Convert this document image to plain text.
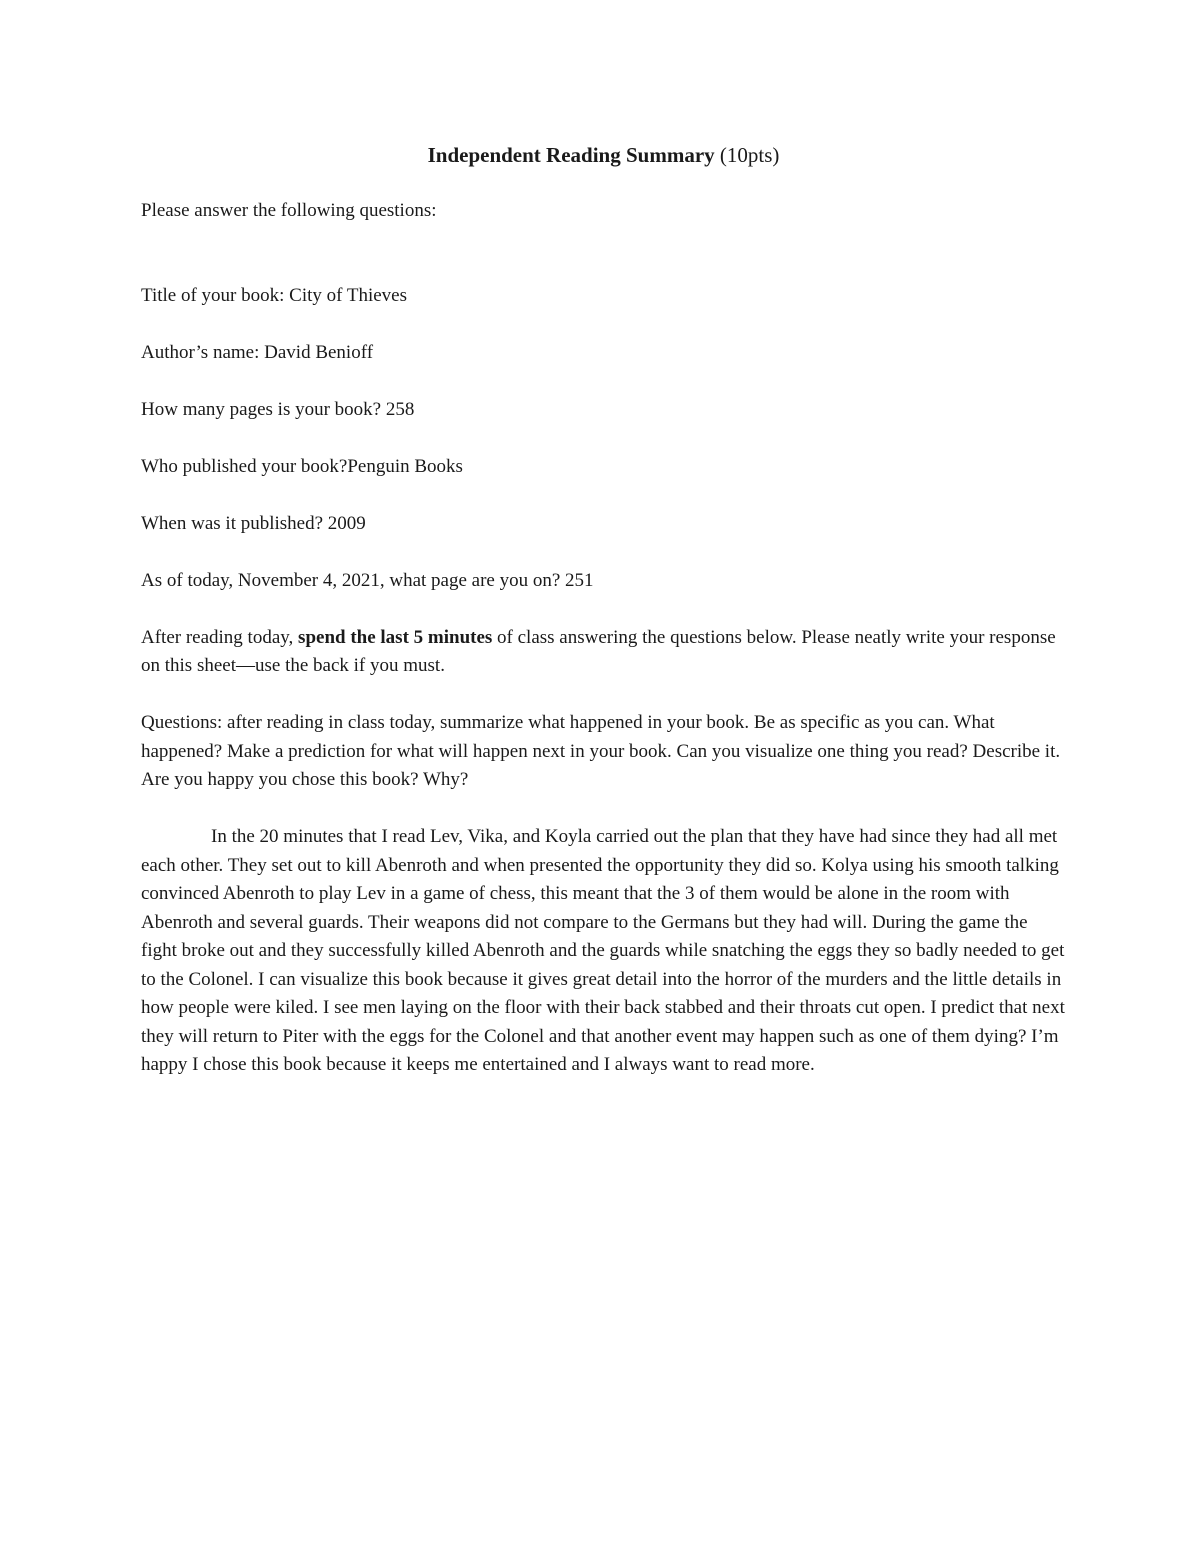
Independent Reading Summary (10pts)

Please answer the following questions:

Title of your book: City of Thieves

Author’s name: David Benioff

How many pages is your book? 258

Who published your book?Penguin Books

When was it published? 2009

As of today, November 4, 2021, what page are you on? 251

After reading today, spend the last 5 minutes of class answering the questions below. Please neatly write your response on this sheet—use the back if you must.

Questions: after reading in class today, summarize what happened in your book. Be as specific as you can. What happened? Make a prediction for what will happen next in your book. Can you visualize one thing you read? Describe it. Are you happy you chose this book? Why?

In the 20 minutes that I read Lev, Vika, and Koyla carried out the plan that they have had since they had all met each other. They set out to kill Abenroth and when presented the opportunity they did so. Kolya using his smooth talking convinced Abenroth to play Lev in a game of chess, this meant that the 3 of them would be alone in the room with Abenroth and several guards. Their weapons did not compare to the Germans but they had will. During the game the fight broke out and they successfully killed Abenroth and the guards while snatching the eggs they so badly needed to get to the Colonel. I can visualize this book because it gives great detail into the horror of the murders and the little details in how people were kiled. I see men laying on the floor with their back stabbed and their throats cut open. I predict that next they will return to Piter with the eggs for the Colonel and that another event may happen such as one of them dying? I’m happy I chose this book because it keeps me entertained and I always want to read more.
